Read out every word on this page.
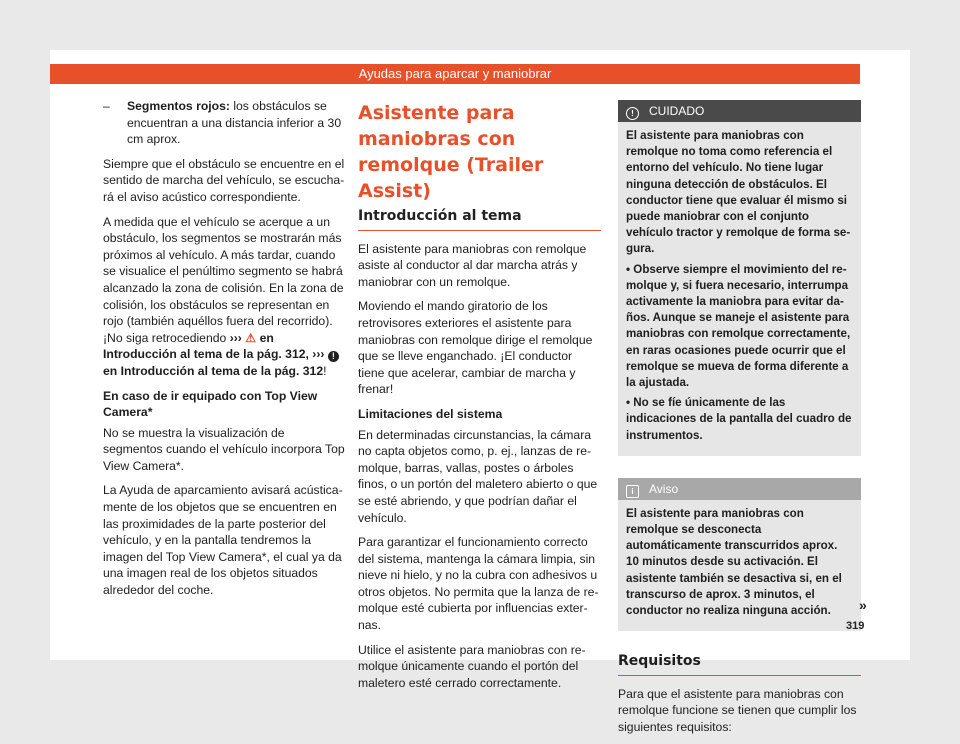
Ayudas para aparcar y maniobrar
– Segmentos rojos: los obstáculos se encuentran a una distancia inferior a 30 cm aprox.

Siempre que el obstáculo se encuentre en el sentido de marcha del vehículo, se escuchará el aviso acústico correspondiente.

A medida que el vehículo se acerque a un obstáculo, los segmentos se mostrarán más próximos al vehículo. A más tardar, cuando se visualice el penúltimo segmento se habrá alcanzado la zona de colisión. En la zona de colisión, los obstáculos se representan en rojo (también aquéllos fuera del recorrido). ¡No siga retrocediendo ››› ⚠ en Introducción al tema de la pág. 312, ››› ! en Introducción al tema de la pág. 312!

En caso de ir equipado con Top View Camera*

No se muestra la visualización de segmentos cuando el vehículo incorpora Top View Camera*.

La Ayuda de aparcamiento avisará acústicamente de los objetos que se encuentren en las proximidades de la parte posterior del vehículo, y en la pantalla tendremos la imagen del Top View Camera*, el cual ya da una imagen real de los objetos situados alrededor del coche.

Asistente para maniobras con remolque (Trailer Assist)
Introducción al tema

El asistente para maniobras con remolque asiste al conductor al dar marcha atrás y maniobrar con un remolque.

Moviendo el mando giratorio de los retrovisores exteriores el asistente para maniobras con remolque dirige el remolque que se lleve enganchado. ¡El conductor tiene que acelerar, cambiar de marcha y frenar!

Limitaciones del sistema

En determinadas circunstancias, la cámara no capta objetos como, p. ej., lanzas de remolque, barras, vallas, postes o árboles finos, o un portón del maletero abierto o que se esté abriendo, y que podrían dañar el vehículo.

Para garantizar el funcionamiento correcto del sistema, mantenga la cámara limpia, sin nieve ni hielo, y no la cubra con adhesivos u otros objetos. No permita que la lanza de remolque esté cubierta por influencias externas.

Utilice el asistente para maniobras con remolque únicamente cuando el portón del maletero esté cerrado correctamente.

! CUIDADO

El asistente para maniobras con remolque no toma como referencia el entorno del vehículo. No tiene lugar ninguna detección de obstáculos. El conductor tiene que evaluar él mismo si puede maniobrar con el conjunto vehículo tractor y remolque de forma segura.

• Observe siempre el movimiento del remolque y, si fuera necesario, interrumpa activamente la maniobra para evitar daños. Aunque se maneje el asistente para maniobras con remolque correctamente, en raras ocasiones puede ocurrir que el remolque se mueva de forma diferente a la ajustada.

• No se fíe únicamente de las indicaciones de la pantalla del cuadro de instrumentos.

i Aviso

El asistente para maniobras con remolque se desconecta automáticamente transcurridos aprox. 10 minutos desde su activación. El asistente también se desactiva si, en el transcurso de aprox. 3 minutos, el conductor no realiza ninguna acción.

Requisitos

Para que el asistente para maniobras con remolque funcione se tienen que cumplir los siguientes requisitos:

»
319
